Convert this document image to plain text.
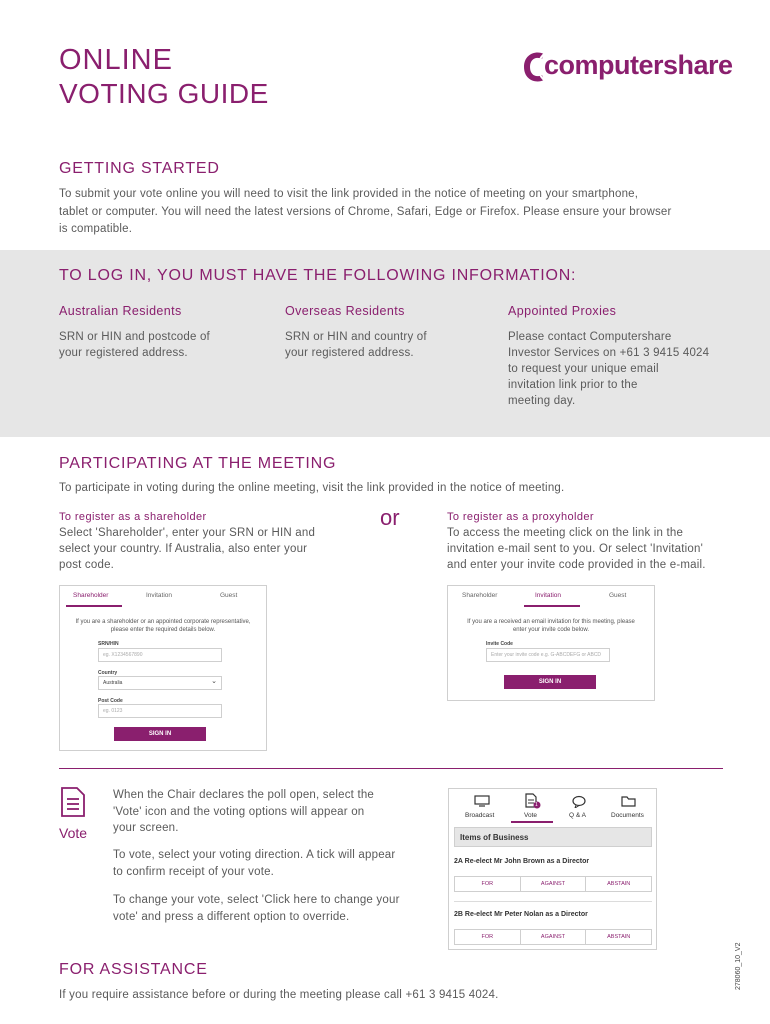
ONLINE
VOTING GUIDE
computershare
GETTING STARTED
To submit your vote online you will need to visit the link provided in the notice of meeting on your smartphone,
tablet or computer. You will need the latest versions of Chrome, Safari, Edge or Firefox. Please ensure your browser
is compatible.
TO LOG IN, YOU MUST HAVE THE FOLLOWING INFORMATION:
Australian Residents
SRN or HIN and postcode of
your registered address.
Overseas Residents
SRN or HIN and country of
your registered address.
Appointed Proxies
Please contact Computershare
Investor Services on +61 3 9415 4024
to request your unique email
invitation link prior to the
meeting day.
PARTICIPATING AT THE MEETING
To participate in voting during the online meeting, visit the link provided in the notice of meeting.
To register as a shareholder
Select 'Shareholder', enter your SRN or HIN and
select your country. If Australia, also enter your
post code.
or	To register as a proxyholder
To access the meeting click on the link in the
invitation e-mail sent to you. Or select 'Invitation'
and enter your invite code provided in the e-mail.
Shareholder	Invitation	Guest
If you are a shareholder or an appointed corporate representative,
please enter the required details below.
SRN/HIN
eg. X1234567890
Country
Australia	⌄
Post Code
eg. 0123
SIGN IN
Shareholder	Invitation	Guest
If you are a received an email invitation for this meeting, please
enter your invite code below.
Invite Code
Enter your invite code e.g. G-ABCDEFG or ABCD
SIGN IN
Vote
When the Chair declares the poll open, select the
'Vote' icon and the voting options will appear on
your screen.
To vote, select your voting direction. A tick will appear
to confirm receipt of your vote.
To change your vote, select 'Click here to change your
vote' and press a different option to override.
Broadcast
1
Vote	Q & A	Documents
Items of Business
2A Re-elect Mr John Brown as a Director
FOR	AGAINST	ABSTAIN
2B Re-elect Mr Peter Nolan as a Director
FOR	AGAINST	ABSTAIN
278060_10_V2
FOR ASSISTANCE
If you require assistance before or during the meeting please call +61 3 9415 4024.
